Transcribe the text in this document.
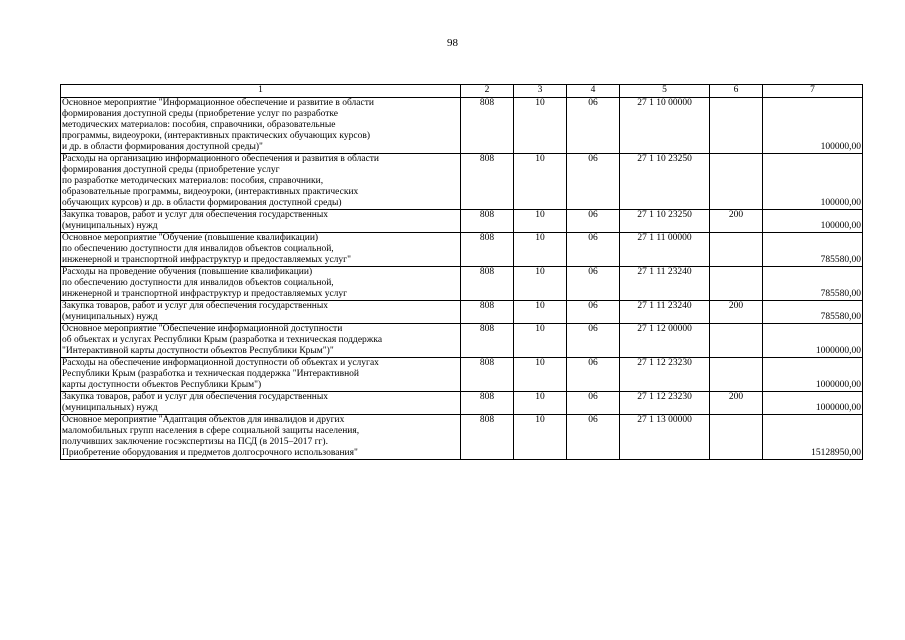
98
1	2	3	4	5	6	7
Основное мероприятие "Информационное обеспечение и развитие в области
формирования доступной среды (приобретение услуг по разработке
методических материалов: пособия, справочники, образовательные
программы, видеоуроки, (интерактивных практических обучающих курсов)
и др. в области формирования доступной среды)"	808	10	06	27 1 10 00000		100000,00
Расходы на организацию информационного обеспечения и развития в области
формирования доступной среды (приобретение услуг
по разработке методических материалов: пособия, справочники,
образовательные программы, видеоуроки, (интерактивных практических
обучающих курсов) и др. в области формирования доступной среды)	808	10	06	27 1 10 23250		100000,00
Закупка товаров, работ и услуг для обеспечения государственных
(муниципальных) нужд	808	10	06	27 1 10 23250	200	100000,00
Основное мероприятие "Обучение (повышение квалификации)
по обеспечению доступности для инвалидов объектов социальной,
инженерной и транспортной инфраструктур и предоставляемых услуг"	808	10	06	27 1 11 00000		785580,00
Расходы на проведение обучения (повышение квалификации)
по обеспечению доступности для инвалидов объектов социальной,
инженерной и транспортной инфраструктур и предоставляемых услуг	808	10	06	27 1 11 23240		785580,00
Закупка товаров, работ и услуг для обеспечения государственных
(муниципальных) нужд	808	10	06	27 1 11 23240	200	785580,00
Основное мероприятие "Обеспечение информационной доступности
об объектах и услугах Республики Крым (разработка и техническая поддержка
"Интерактивной карты доступности объектов Республики Крым")"	808	10	06	27 1 12 00000		1000000,00
Расходы на обеспечение информационной доступности об объектах и услугах
Республики Крым (разработка и техническая поддержка "Интерактивной
карты доступности объектов Республики Крым")	808	10	06	27 1 12 23230		1000000,00
Закупка товаров, работ и услуг для обеспечения государственных
(муниципальных) нужд	808	10	06	27 1 12 23230	200	1000000,00
Основное мероприятие "Адаптация объектов для инвалидов и других
маломобильных групп населения в сфере социальной защиты населения,
получивших заключение госэкспертизы на ПСД (в 2015–2017 гг).
Приобретение оборудования и предметов долгосрочного использования"	808	10	06	27 1 13 00000		15128950,00
